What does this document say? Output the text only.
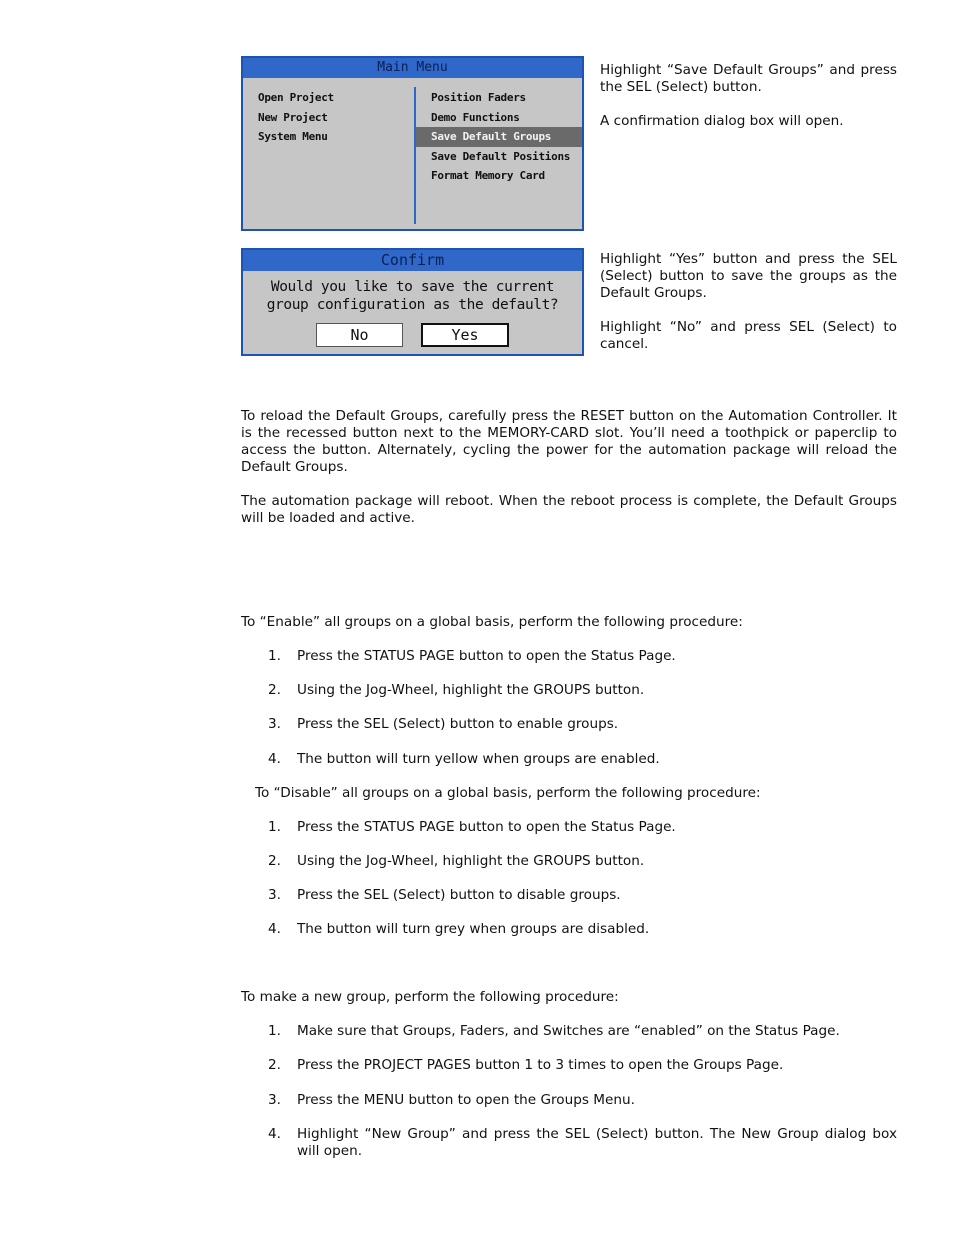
Main Menu
Open Project
New Project
System Menu
Position Faders
Demo Functions
Save Default Groups
Save Default Positions
Format Memory Card
Highlight “Save Default Groups” and press the SEL (Select) button.
A confirmation dialog box will open.
Confirm
Would you like to save the current
group configuration as the default?
No	Yes
Highlight “Yes” button and press the SEL (Select) button to save the groups as the Default Groups.
Highlight “No” and press SEL (Select) to cancel.
To reload the Default Groups, carefully press the RESET button on the Automation Controller. It is the recessed button next to the MEMORY-CARD slot. You’ll need a toothpick or paperclip to access the button. Alternately, cycling the power for the automation package will reload the Default Groups.
The automation package will reboot. When the reboot process is complete, the Default Groups will be loaded and active.
To “Enable” all groups on a global basis, perform the following procedure:
1. Press the STATUS PAGE button to open the Status Page.
2. Using the Jog-Wheel, highlight the GROUPS button.
3. Press the SEL (Select) button to enable groups.
4. The button will turn yellow when groups are enabled.
To “Disable” all groups on a global basis, perform the following procedure:
1. Press the STATUS PAGE button to open the Status Page.
2. Using the Jog-Wheel, highlight the GROUPS button.
3. Press the SEL (Select) button to disable groups.
4. The button will turn grey when groups are disabled.
To make a new group, perform the following procedure:
1. Make sure that Groups, Faders, and Switches are “enabled” on the Status Page.
2. Press the PROJECT PAGES button 1 to 3 times to open the Groups Page.
3. Press the MENU button to open the Groups Menu.
4. Highlight “New Group” and press the SEL (Select) button. The New Group dialog box will open.
